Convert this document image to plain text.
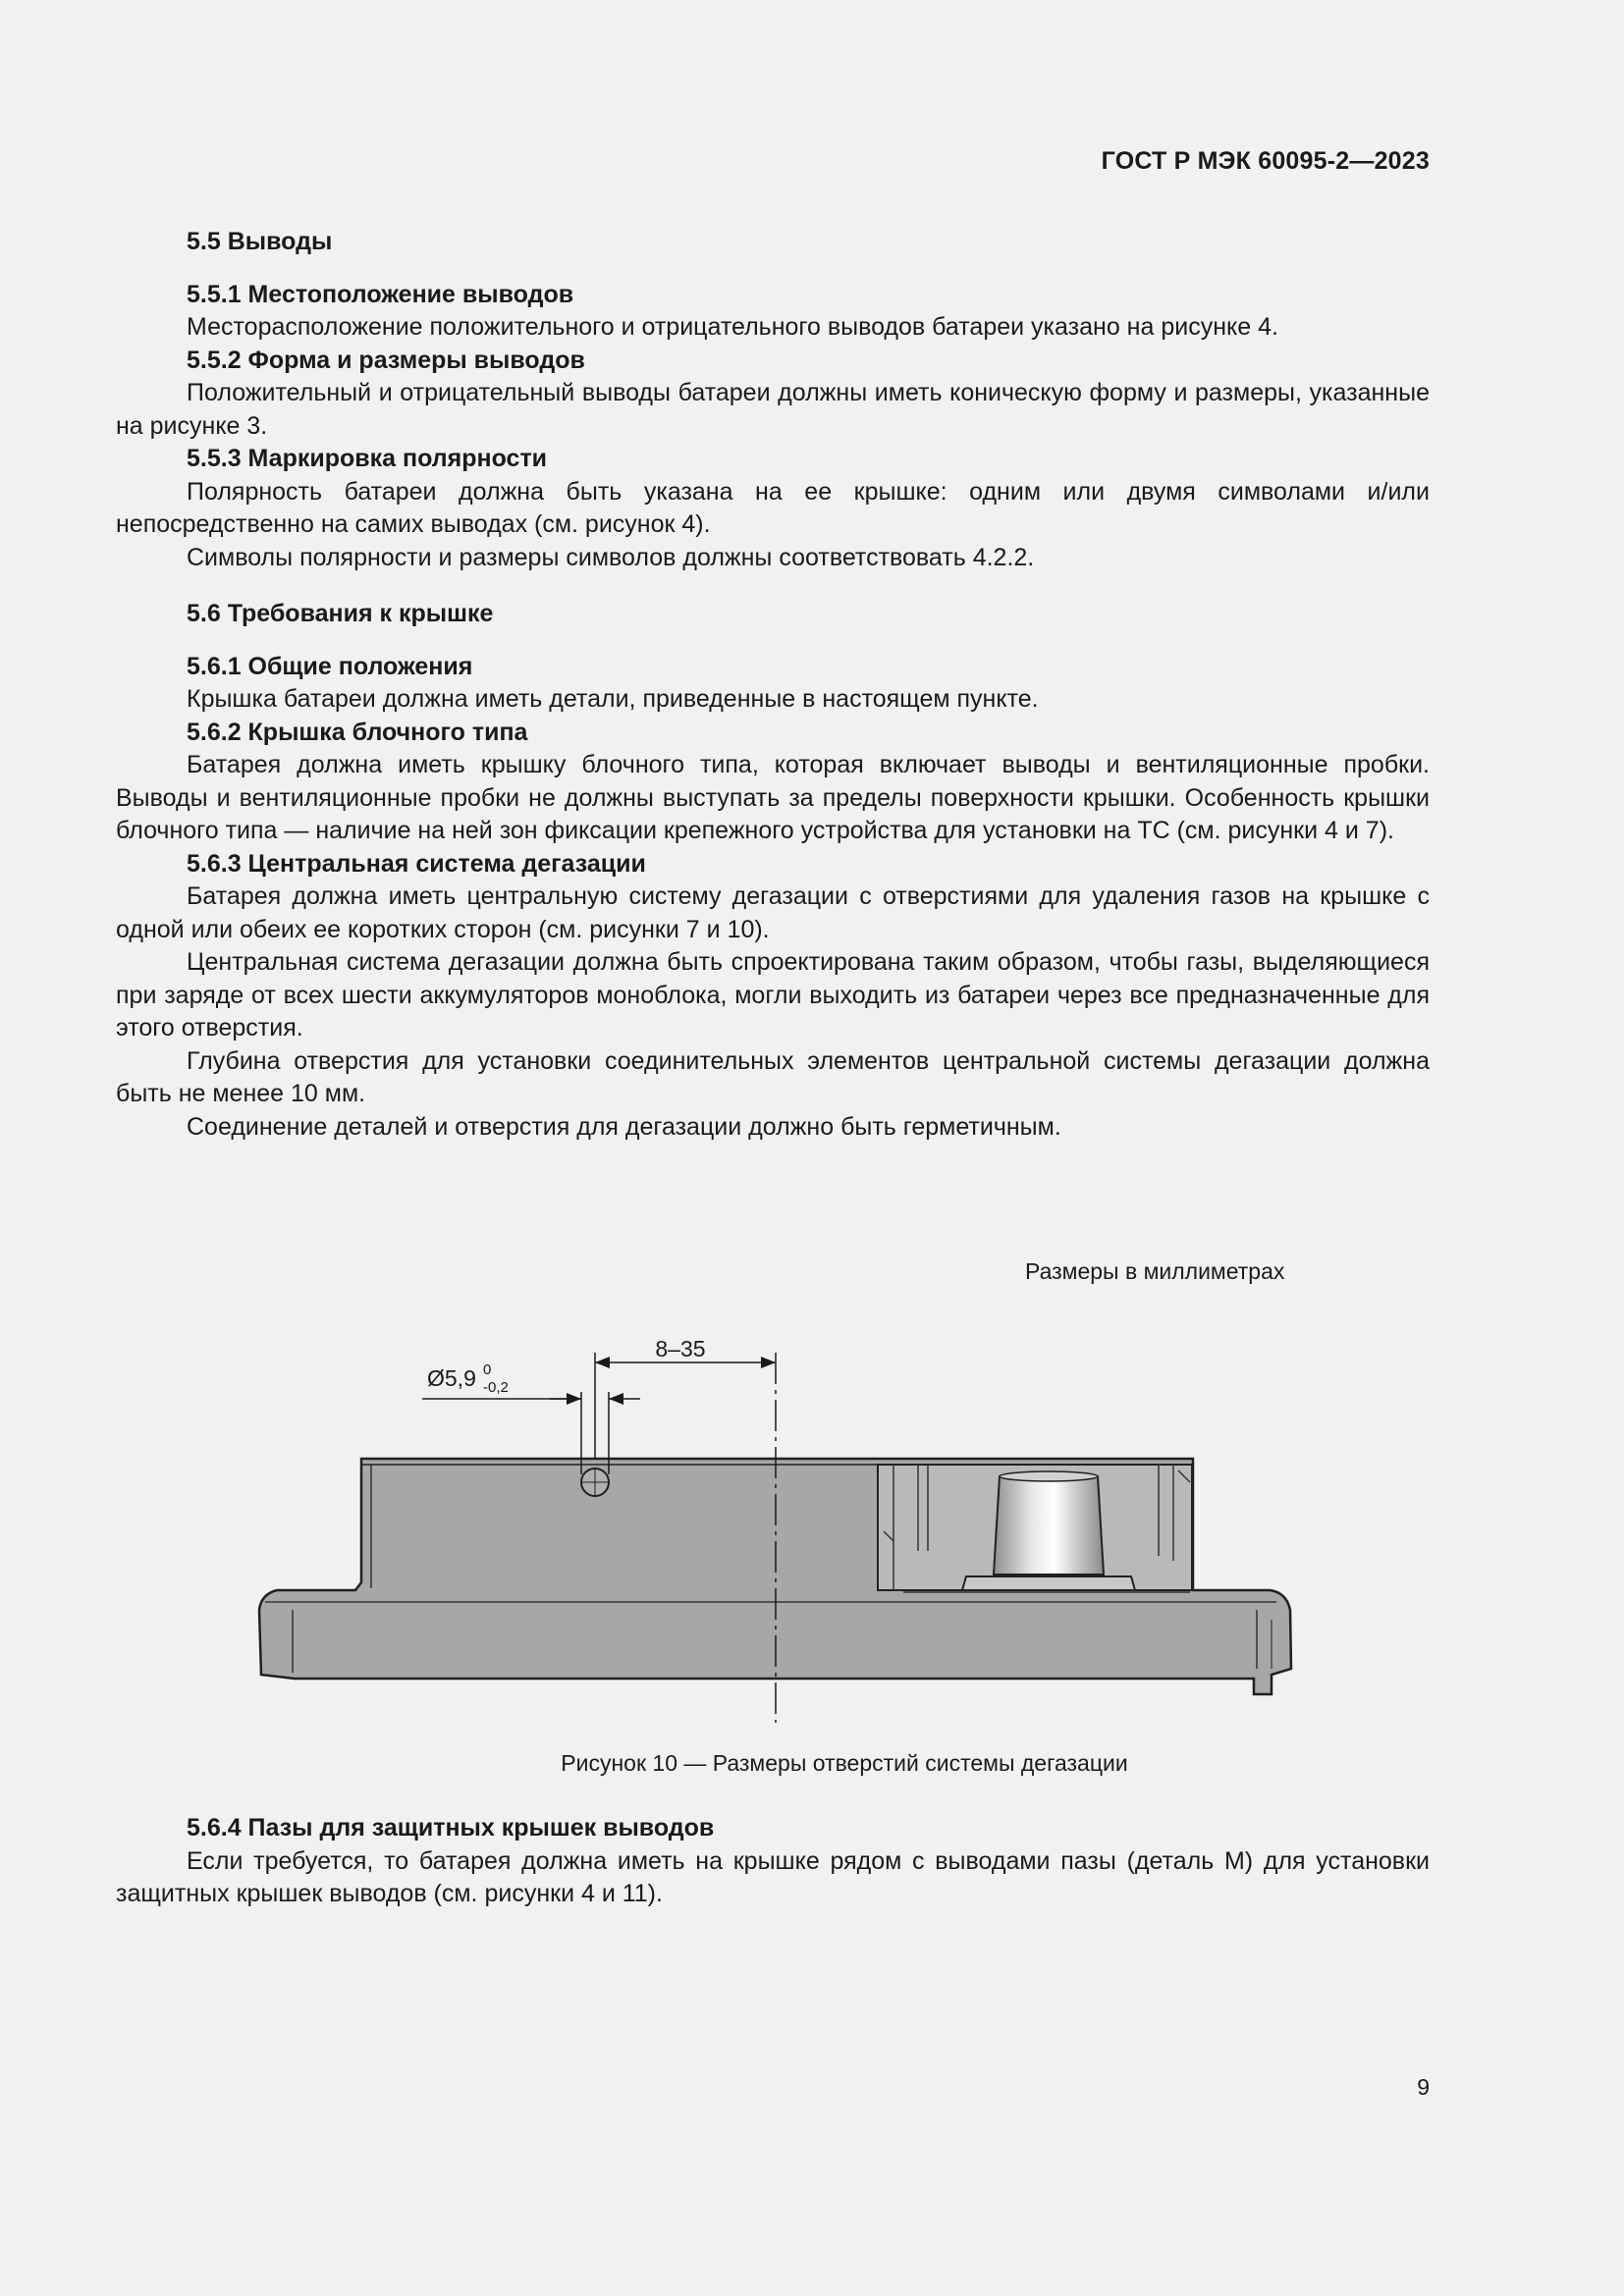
ГОСТ Р МЭК 60095-2—2023
5.5 Выводы
5.5.1 Местоположение выводов

Месторасположение положительного и отрицательного выводов батареи указано на рисунке 4.

5.5.2 Форма и размеры выводов

Положительный и отрицательный выводы батареи должны иметь коническую форму и размеры, указанные на рисунке 3.

5.5.3 Маркировка полярности

Полярность батареи должна быть указана на ее крышке: одним или двумя символами и/или непосредственно на самих выводах (см. рисунок 4).

Символы полярности и размеры символов должны соответствовать 4.2.2.

5.6 Требования к крышке
5.6.1 Общие положения

Крышка батареи должна иметь детали, приведенные в настоящем пункте.

5.6.2 Крышка блочного типа

Батарея должна иметь крышку блочного типа, которая включает выводы и вентиляционные пробки. Выводы и вентиляционные пробки не должны выступать за пределы поверхности крышки. Особенность крышки блочного типа — наличие на ней зон фиксации крепежного устройства для установки на ТС (см. рисунки 4 и 7).

5.6.3 Центральная система дегазации

Батарея должна иметь центральную систему дегазации с отверстиями для удаления газов на крышке с одной или обеих ее коротких сторон (см. рисунки 7 и 10).

Центральная система дегазации должна быть спроектирована таким образом, чтобы газы, выделяющиеся при заряде от всех шести аккумуляторов моноблока, могли выходить из батареи через все предназначенные для этого отверстия.

Глубина отверстия для установки соединительных элементов центральной системы дегазации должна быть не менее 10 мм.

Соединение деталей и отверстия для дегазации должно быть герметичным.

Размеры в миллиметрах
8–35
Ø5,9 0
-0,2
Рисунок 10 — Размеры отверстий системы дегазации
5.6.4 Пазы для защитных крышек выводов

Если требуется, то батарея должна иметь на крышке рядом с выводами пазы (деталь М) для установки защитных крышек выводов (см. рисунки 4 и 11).

9
